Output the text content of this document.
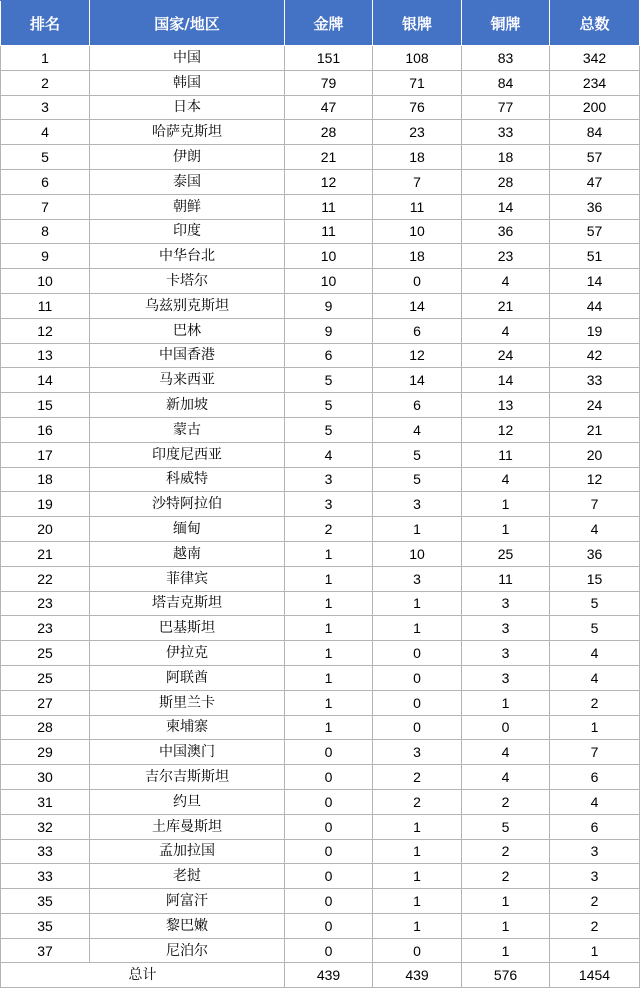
排名	国家/地区	金牌	银牌	铜牌	总数
1	中国	151	108	83	342
2	韩国	79	71	84	234
3	日本	47	76	77	200
4	哈萨克斯坦	28	23	33	84
5	伊朗	21	18	18	57
6	泰国	12	7	28	47
7	朝鲜	11	11	14	36
8	印度	11	10	36	57
9	中华台北	10	18	23	51
10	卡塔尔	10	0	4	14
11	乌兹别克斯坦	9	14	21	44
12	巴林	9	6	4	19
13	中国香港	6	12	24	42
14	马来西亚	5	14	14	33
15	新加坡	5	6	13	24
16	蒙古	5	4	12	21
17	印度尼西亚	4	5	11	20
18	科威特	3	5	4	12
19	沙特阿拉伯	3	3	1	7
20	缅甸	2	1	1	4
21	越南	1	10	25	36
22	菲律宾	1	3	11	15
23	塔吉克斯坦	1	1	3	5
23	巴基斯坦	1	1	3	5
25	伊拉克	1	0	3	4
25	阿联酋	1	0	3	4
27	斯里兰卡	1	0	1	2
28	柬埔寨	1	0	0	1
29	中国澳门	0	3	4	7
30	吉尔吉斯斯坦	0	2	4	6
31	约旦	0	2	2	4
32	土库曼斯坦	0	1	5	6
33	孟加拉国	0	1	2	3
33	老挝	0	1	2	3
35	阿富汗	0	1	1	2
35	黎巴嫩	0	1	1	2
37	尼泊尔	0	0	1	1
总计		439	439	576	1454
